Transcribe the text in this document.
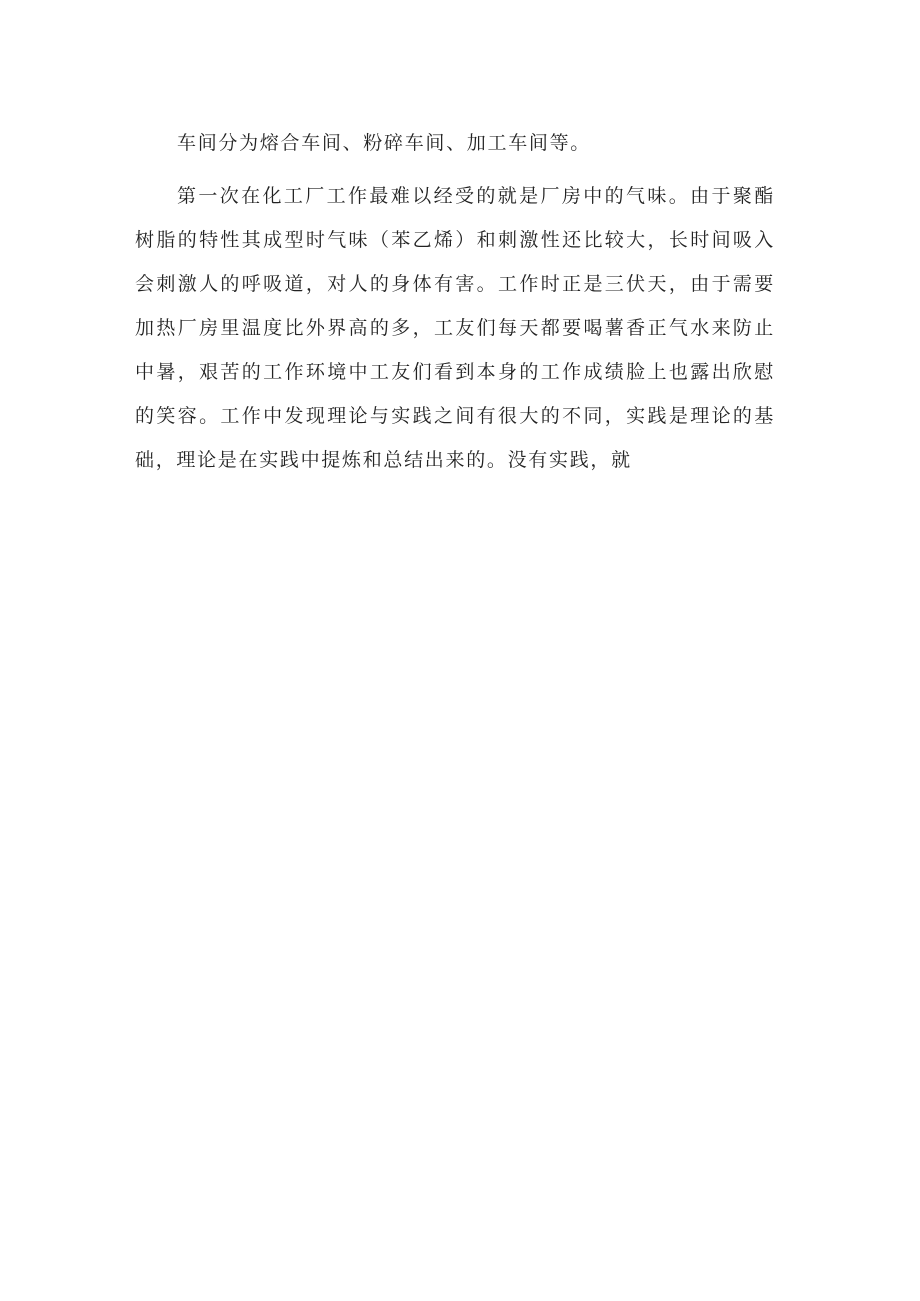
车间分为熔合车间、粉碎车间、加工车间等。

第一次在化工厂工作最难以经受的就是厂房中的气味。由于聚酯树脂的特性其成型时气味（苯乙烯）和刺激性还比较大，长时间吸入会刺激人的呼吸道，对人的身体有害。工作时正是三伏天，由于需要加热厂房里温度比外界高的多，工友们每天都要喝薯香正气水来防止中暑，艰苦的工作环境中工友们看到本身的工作成绩脸上也露出欣慰的笑容。工作中发现理论与实践之间有很大的不同，实践是理论的基础，理论是在实践中提炼和总结出来的。没有实践，就
